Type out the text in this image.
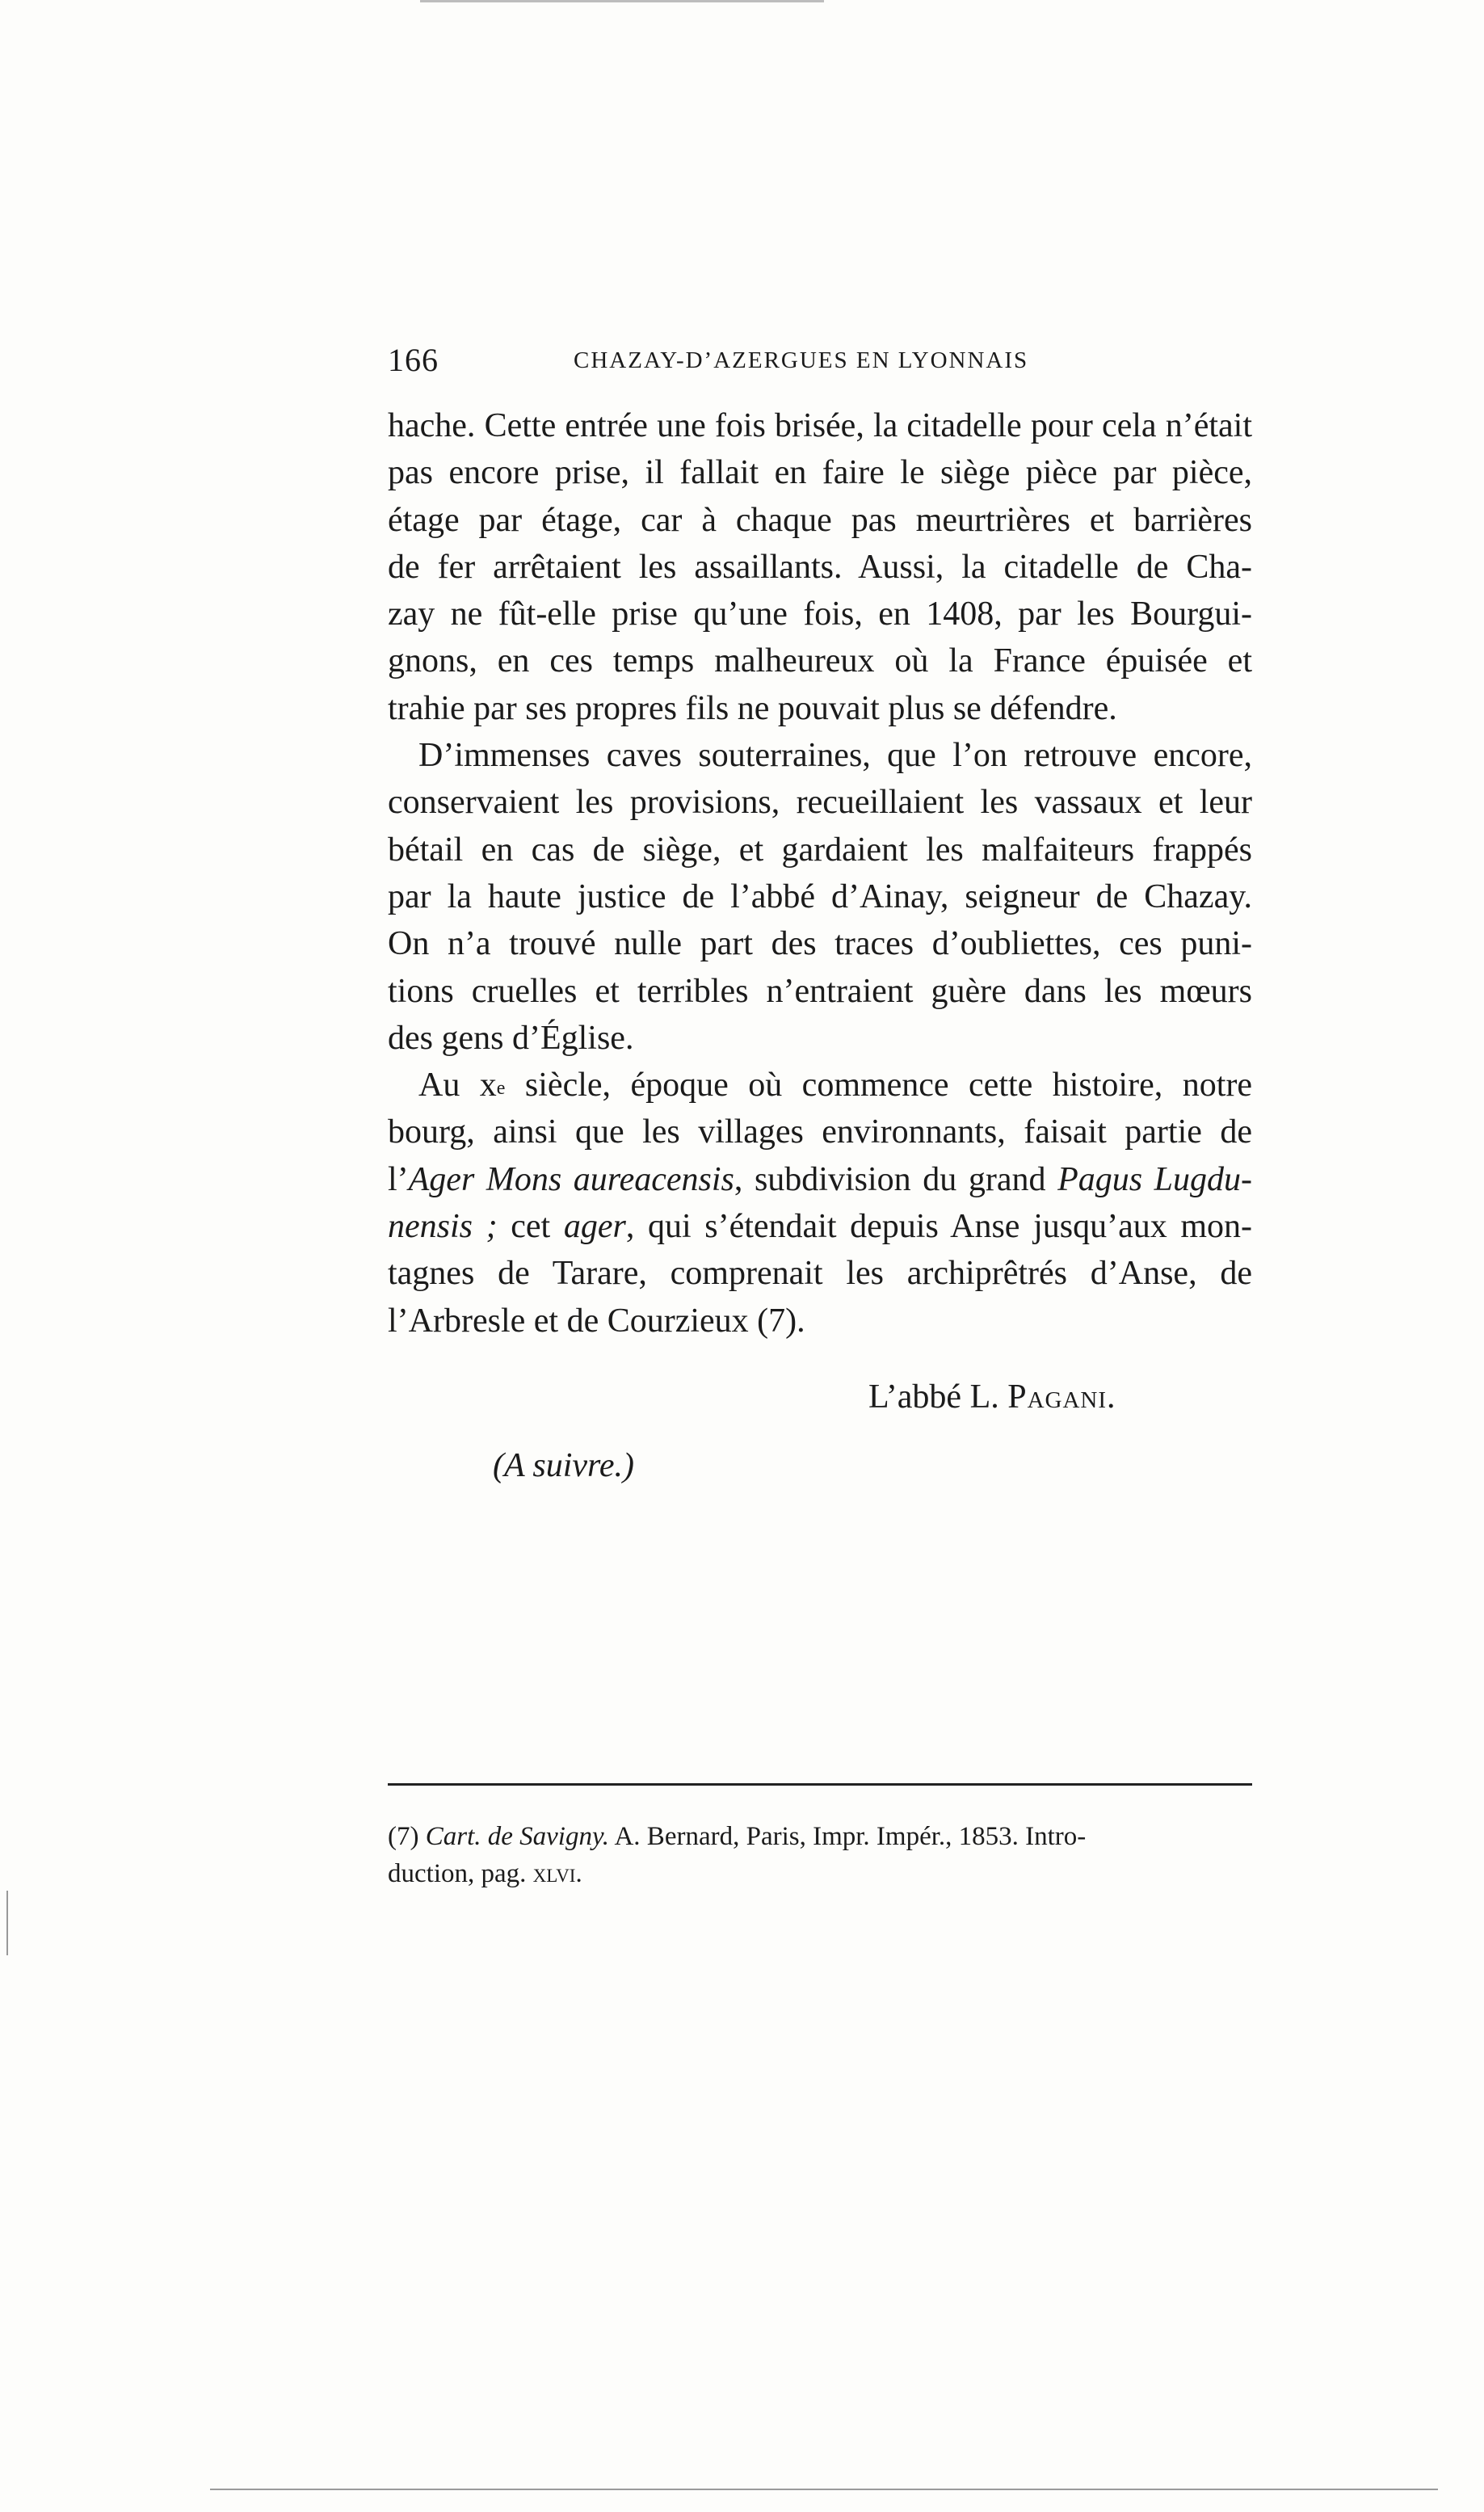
166	CHAZAY-D’AZERGUES EN LYONNAIS
hache. Cette entrée une fois brisée, la citadelle pour cela n’était
pas encore prise, il fallait en faire le siège pièce par pièce,
étage par étage, car à chaque pas meurtrières et barrières
de fer arrêtaient les assaillants. Aussi, la citadelle de Cha-
zay ne fût-elle prise qu’une fois, en 1408, par les Bourgui-
gnons, en ces temps malheureux où la France épuisée et
trahie par ses propres fils ne pouvait plus se défendre.
D’immenses caves souterraines, que l’on retrouve encore,
conservaient les provisions, recueillaient les vassaux et leur
bétail en cas de siège, et gardaient les malfaiteurs frappés
par la haute justice de l’abbé d’Ainay, seigneur de Chazay.
On n’a trouvé nulle part des traces d’oubliettes, ces puni-
tions cruelles et terribles n’entraient guère dans les mœurs
des gens d’Église.
Au $x^e$ siècle, époque où commence cette histoire, notre
bourg, ainsi que les villages environnants, faisait partie de
l’Ager Mons aureacensis, subdivision du grand Pagus Lugdu-
nensis ; cet ager, qui s’étendait depuis Anse jusqu’aux mon-
tagnes de Tarare, comprenait les archiprêtrés d’Anse, de
l’Arbresle et de Courzieux (7).
L’abbé L. Pagani.
(A suivre.)
(7) Cart. de Savigny. A. Bernard, Paris, Impr. Impér., 1853. Intro-
duction, pag. xlvi.
